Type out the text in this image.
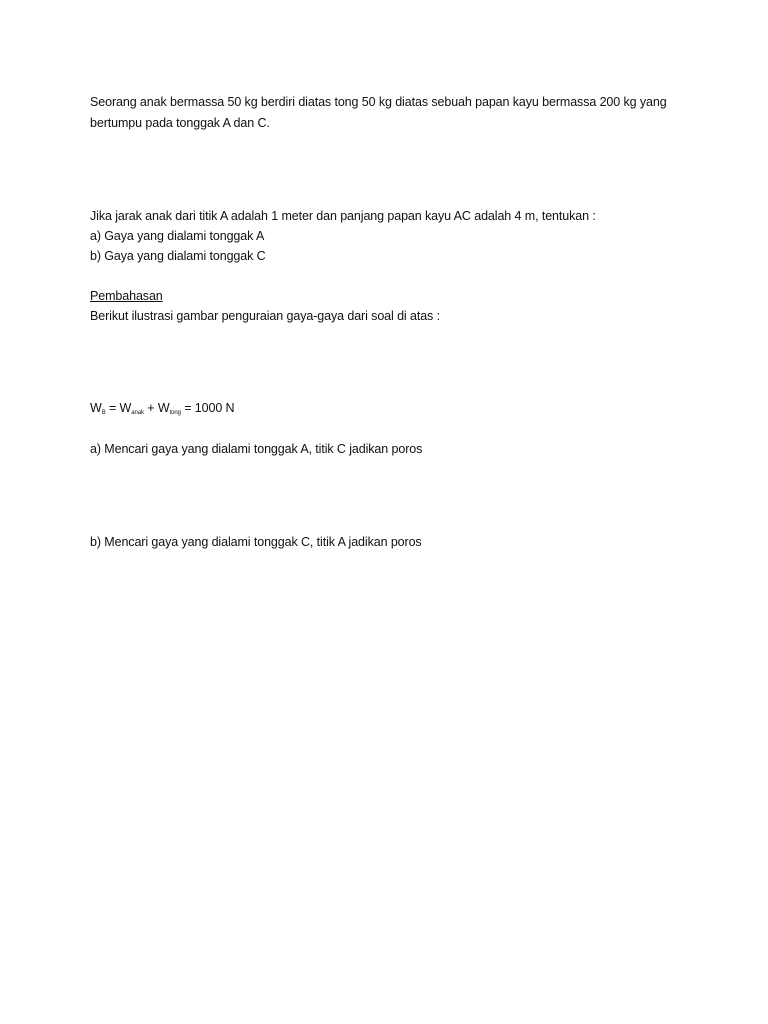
Seorang anak bermassa 50 kg berdiri diatas tong 50 kg diatas sebuah papan kayu bermassa 200 kg yang
bertumpu pada tonggak A dan C.
Jika jarak anak dari titik A adalah 1 meter dan panjang papan kayu AC adalah 4 m, tentukan :
a) Gaya yang dialami tonggak A
b) Gaya yang dialami tonggak C
Pembahasan
Berikut ilustrasi gambar penguraian gaya-gaya dari soal di atas :
$W_B = W_{anak} + W_{tong} = 1000$ N
a) Mencari gaya yang dialami tonggak A, titik C jadikan poros
b) Mencari gaya yang dialami tonggak C, titik A jadikan poros
